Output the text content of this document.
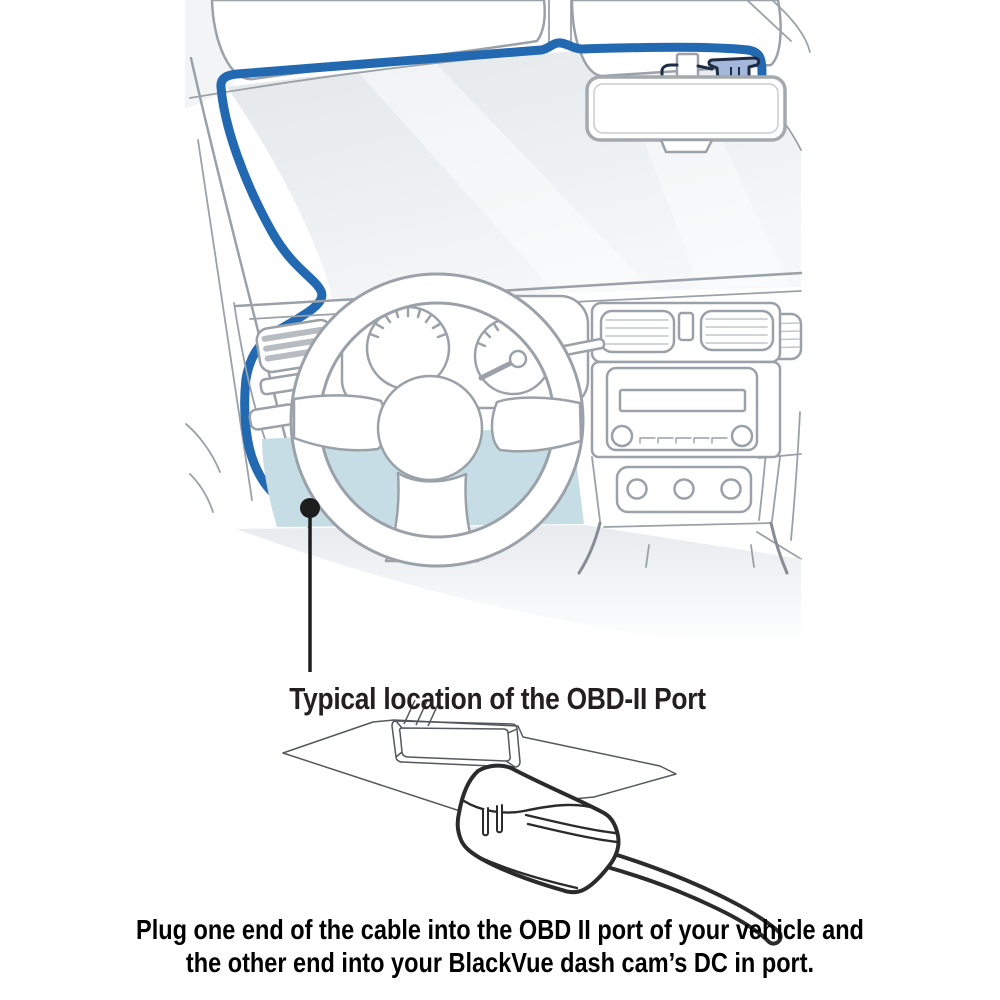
Typical location of the OBD-II Port
Plug one end of the cable into the OBD II port of your vehicle and
the other end into your BlackVue dash cam’s DC in port.
